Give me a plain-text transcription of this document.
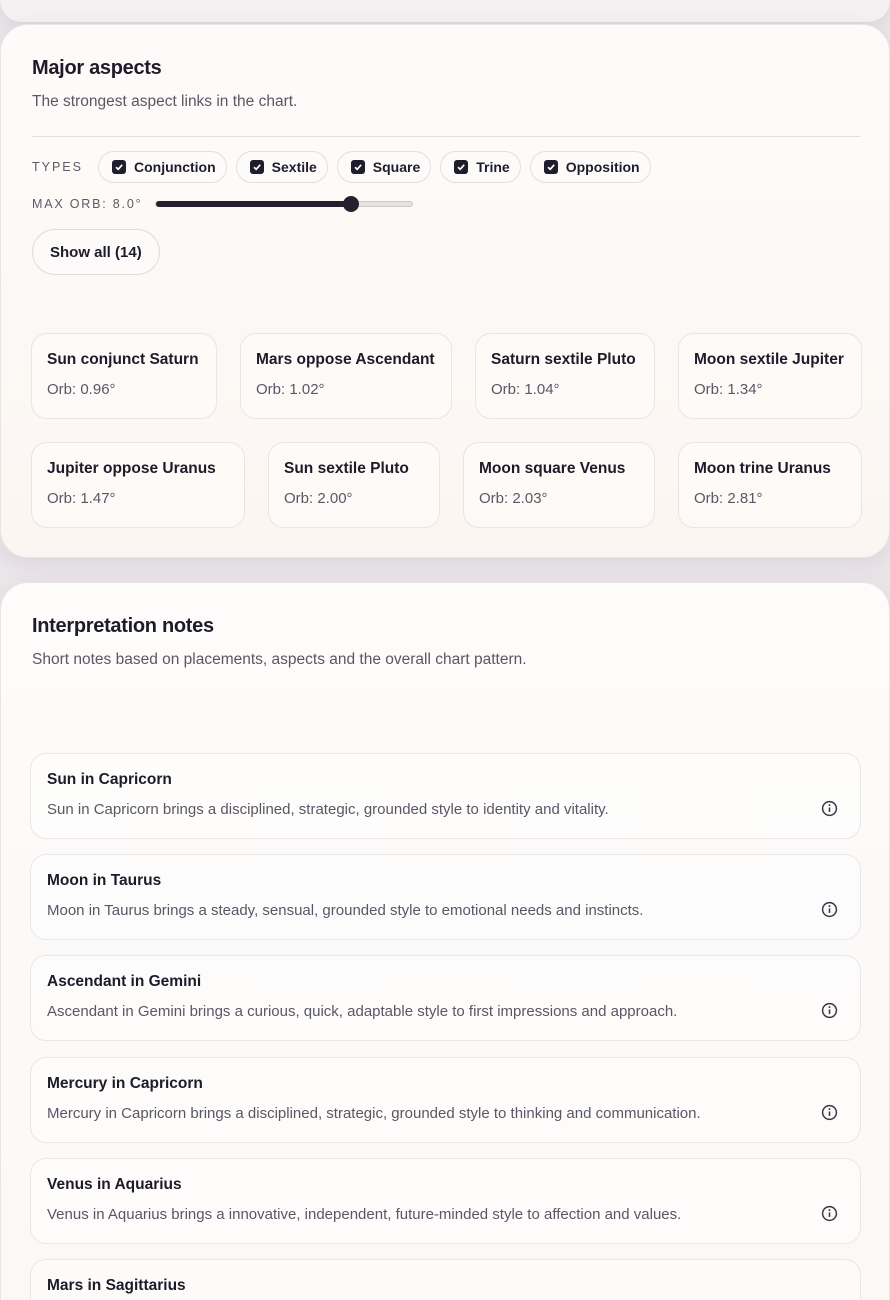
Major aspects

The strongest aspect links in the chart.

TYPES	Conjunction	Sextile	Square	Trine	Opposition
MAX ORB: 8.0°
Show all (14)
Sun conjunct Saturn
Orb: 0.96°
Mars oppose Ascendant
Orb: 1.02°
Saturn sextile Pluto
Orb: 1.04°
Moon sextile Jupiter
Orb: 1.34°
Jupiter oppose Uranus
Orb: 1.47°
Sun sextile Pluto
Orb: 2.00°
Moon square Venus
Orb: 2.03°
Moon trine Uranus
Orb: 2.81°
Interpretation notes

Short notes based on placements, aspects and the overall chart pattern.

Sun in Capricorn
Sun in Capricorn brings a disciplined, strategic, grounded style to identity and vitality.
Moon in Taurus
Moon in Taurus brings a steady, sensual, grounded style to emotional needs and instincts.
Ascendant in Gemini
Ascendant in Gemini brings a curious, quick, adaptable style to first impressions and approach.
Mercury in Capricorn
Mercury in Capricorn brings a disciplined, strategic, grounded style to thinking and communication.
Venus in Aquarius
Venus in Aquarius brings a innovative, independent, future-minded style to affection and values.
Mars in Sagittarius
